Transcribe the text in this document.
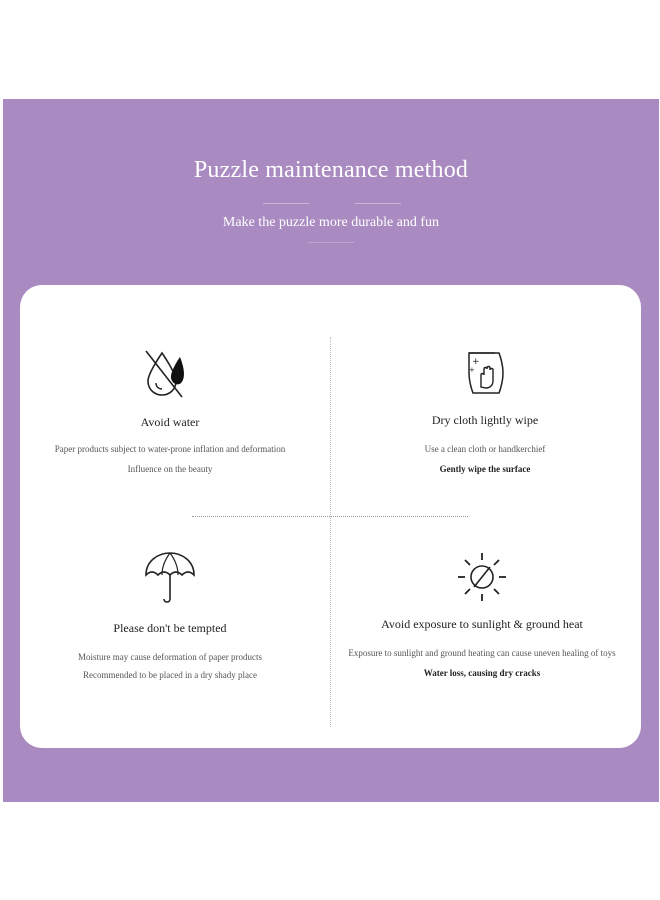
Puzzle maintenance method
Make the puzzle more durable and fun
Avoid water
Paper products subject to water-prone inflation and deformation
Influence on the beauty
+
+
Dry cloth lightly wipe
Use a clean cloth or handkerchief
Gently wipe the surface
Please don't be tempted
Moisture may cause deformation of paper products
Recommended to be placed in a dry shady place
Avoid exposure to sunlight & ground heat
Exposure to sunlight and ground heating can cause uneven healing of toys
Water loss, causing dry cracks
